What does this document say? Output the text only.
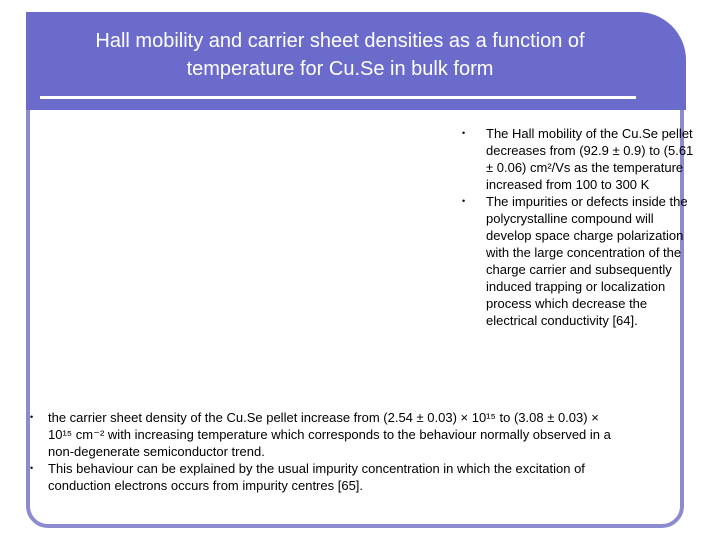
Hall mobility and carrier sheet densities as a function of temperature for Cu.Se in bulk form
• The Hall mobility of the Cu.Se pellet decreases from (92.9 ± 0.9) to (5.61 ± 0.06) cm²/Vs as the temperature increased from 100 to 300 K
• The impurities or defects inside the polycrystalline compound will develop space charge polarization with the large concentration of the charge carrier and subsequently induced trapping or localization process which decrease the electrical conductivity [64].
• the carrier sheet density of the Cu.Se pellet increase from (2.54 ± 0.03) × 10¹⁵ to (3.08 ± 0.03) × 10¹⁵ cm⁻² with increasing temperature which corresponds to the behaviour normally observed in a non-degenerate semiconductor trend.
• This behaviour can be explained by the usual impurity concentration in which the excitation of conduction electrons occurs from impurity centres [65].
